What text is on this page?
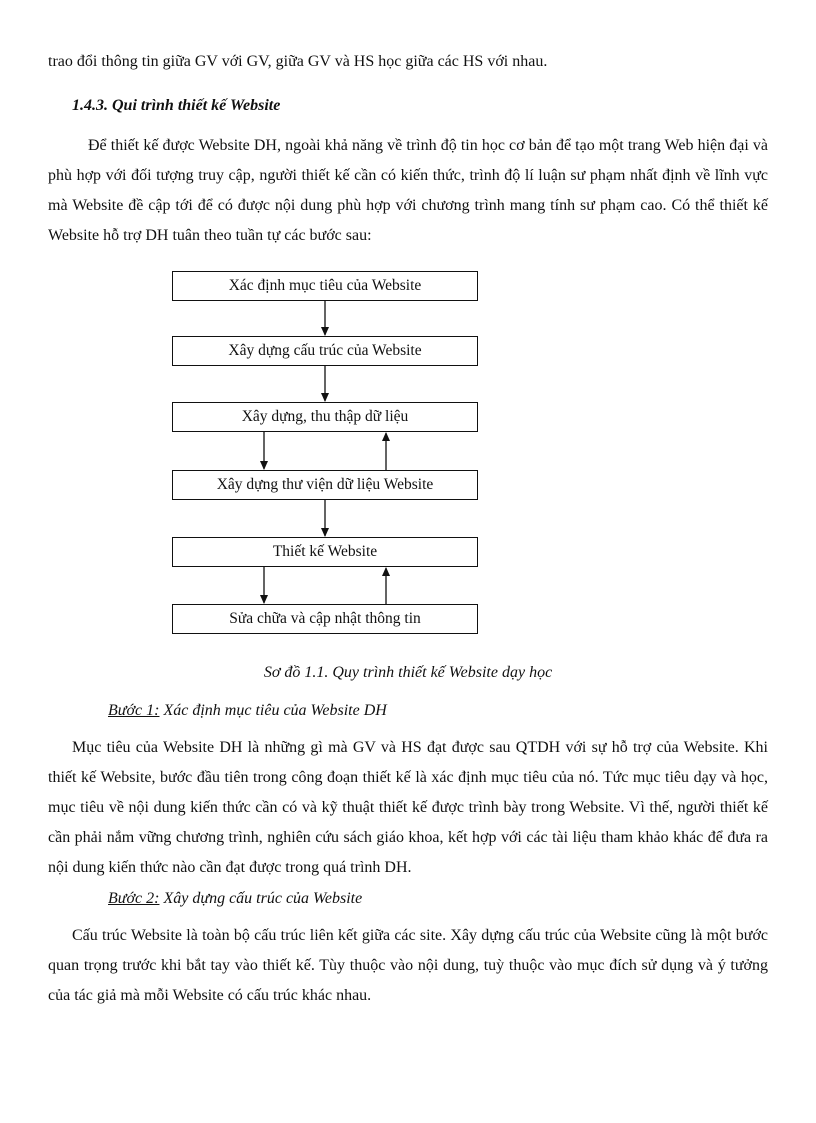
trao đổi thông tin giữa GV với GV, giữa GV và HS học giữa các HS với nhau.

1.4.3. Qui trình thiết kế Website

Để thiết kế được Website DH, ngoài khả năng về trình độ tin học cơ bản để tạo một trang Web hiện đại và phù hợp với đối tượng truy cập, người thiết kế cần có kiến thức, trình độ lí luận sư phạm nhất định về lĩnh vực mà Website đề cập tới để có được nội dung phù hợp với chương trình mang tính sư phạm cao. Có thể thiết kế Website hỗ trợ DH tuân theo tuần tự các bước sau:

Xác định mục tiêu của Website
Xây dựng cấu trúc của Website
Xây dựng, thu thập dữ liệu
Xây dựng thư viện dữ liệu Website
Thiết kế Website
Sửa chữa và cập nhật thông tin

Sơ đồ 1.1. Quy trình thiết kế Website dạy học

Bước 1: Xác định mục tiêu của Website DH

Mục tiêu của Website DH là những gì mà GV và HS đạt được sau QTDH với sự hỗ trợ của Website. Khi thiết kế Website, bước đầu tiên trong công đoạn thiết kế là xác định mục tiêu của nó. Tức mục tiêu dạy và học, mục tiêu về nội dung kiến thức cần có và kỹ thuật thiết kế được trình bày trong Website. Vì thế, người thiết kế cần phải nắm vững chương trình, nghiên cứu sách giáo khoa, kết hợp với các tài liệu tham khảo khác để đưa ra nội dung kiến thức nào cần đạt được trong quá trình DH.

Bước 2: Xây dựng cấu trúc của Website

Cấu trúc Website là toàn bộ cấu trúc liên kết giữa các site. Xây dựng cấu trúc của Website cũng là một bước quan trọng trước khi bắt tay vào thiết kế. Tùy thuộc vào nội dung, tuỳ thuộc vào mục đích sử dụng và ý tưởng của tác giả mà mỗi Website có cấu trúc khác nhau.
